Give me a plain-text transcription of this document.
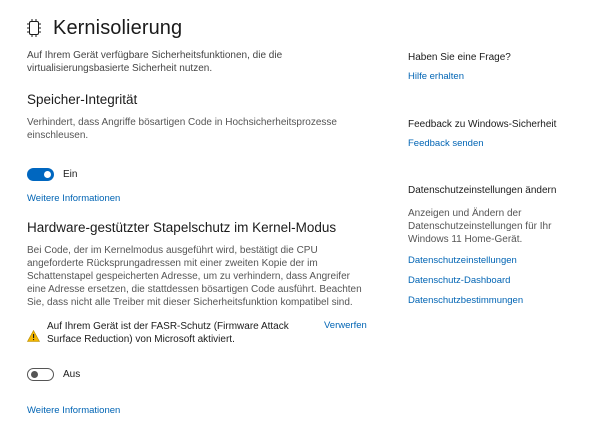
Kernisolierung
Auf Ihrem Gerät verfügbare Sicherheitsfunktionen, die die virtualisierungsbasierte Sicherheit nutzen.
Speicher-Integrität
Verhindert, dass Angriffe bösartigen Code in Hochsicherheitsprozesse einschleusen.
Ein
Weitere Informationen
Hardware-gestützter Stapelschutz im Kernel-Modus
Bei Code, der im Kernelmodus ausgeführt wird, bestätigt die CPU angeforderte Rücksprungadressen mit einer zweiten Kopie der im Schattenstapel gespeicherten Adresse, um zu verhindern, dass Angreifer eine Adresse ersetzen, die stattdessen bösartigen Code ausführt. Beachten Sie, dass nicht alle Treiber mit dieser Sicherheitsfunktion kompatibel sind.
Auf Ihrem Gerät ist der FASR-Schutz (Firmware Attack Surface Reduction) von Microsoft aktiviert.
Verwerfen
Aus
Weitere Informationen
Haben Sie eine Frage?
Hilfe erhalten
Feedback zu Windows-Sicherheit
Feedback senden
Datenschutzeinstellungen ändern
Anzeigen und Ändern der Datenschutzeinstellungen für Ihr Windows 11 Home-Gerät.
Datenschutzeinstellungen
Datenschutz-Dashboard
Datenschutzbestimmungen
